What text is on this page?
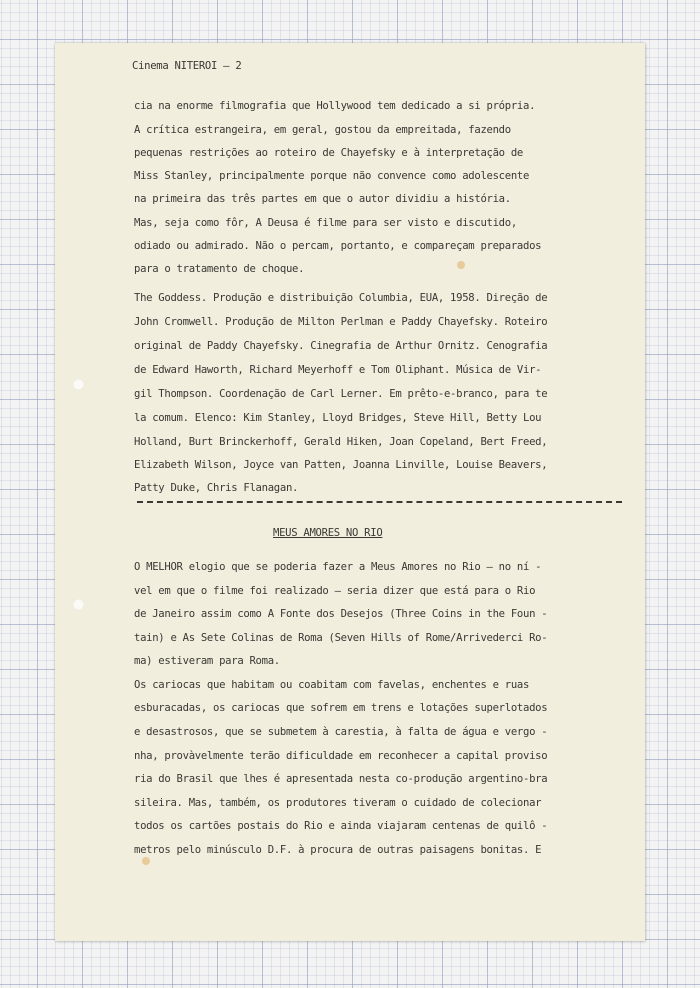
Cinema NITEROI – 2
cia na enorme filmografia que Hollywood tem dedicado a si própria.
A crítica estrangeira, em geral, gostou da empreitada, fazendo
pequenas restrições ao roteiro de Chayefsky e à interpretação de
Miss Stanley, principalmente porque não convence como adolescente
na primeira das três partes em que o autor dividiu a história.
Mas, seja como fôr, A Deusa é filme para ser visto e discutido,
odiado ou admirado. Não o percam, portanto, e compareçam preparados
para o tratamento de choque.
The Goddess. Produção e distribuição Columbia, EUA, 1958. Direção de
John Cromwell. Produção de Milton Perlman e Paddy Chayefsky. Roteiro
original de Paddy Chayefsky. Cinegrafia de Arthur Ornitz. Cenografia
de Edward Haworth, Richard Meyerhoff e Tom Oliphant. Música de Vir-
gil Thompson. Coordenação de Carl Lerner. Em prêto-e-branco, para te
la comum. Elenco: Kim Stanley, Lloyd Bridges, Steve Hill, Betty Lou
Holland, Burt Brinckerhoff, Gerald Hiken, Joan Copeland, Bert Freed,
Elizabeth Wilson, Joyce van Patten, Joanna Linville, Louise Beavers,
Patty Duke, Chris Flanagan.
MEUS AMORES NO RIO
O MELHOR elogio que se poderia fazer a Meus Amores no Rio — no ní -
vel em que o filme foi realizado — seria dizer que está para o Rio
de Janeiro assim como A Fonte dos Desejos (Three Coins in the Foun -
tain) e As Sete Colinas de Roma (Seven Hills of Rome/Arrivederci Ro-
ma) estiveram para Roma.
Os cariocas que habitam ou coabitam com favelas, enchentes e ruas
esburacadas, os cariocas que sofrem em trens e lotações superlotados
e desastrosos, que se submetem à carestia, à falta de água e vergo -
nha, provàvelmente terão dificuldade em reconhecer a capital proviso
ria do Brasil que lhes é apresentada nesta co-produção argentino-bra
sileira. Mas, também, os produtores tiveram o cuidado de colecionar
todos os cartões postais do Rio e ainda viajaram centenas de quilô -
metros pelo minúsculo D.F. à procura de outras paisagens bonitas. E
